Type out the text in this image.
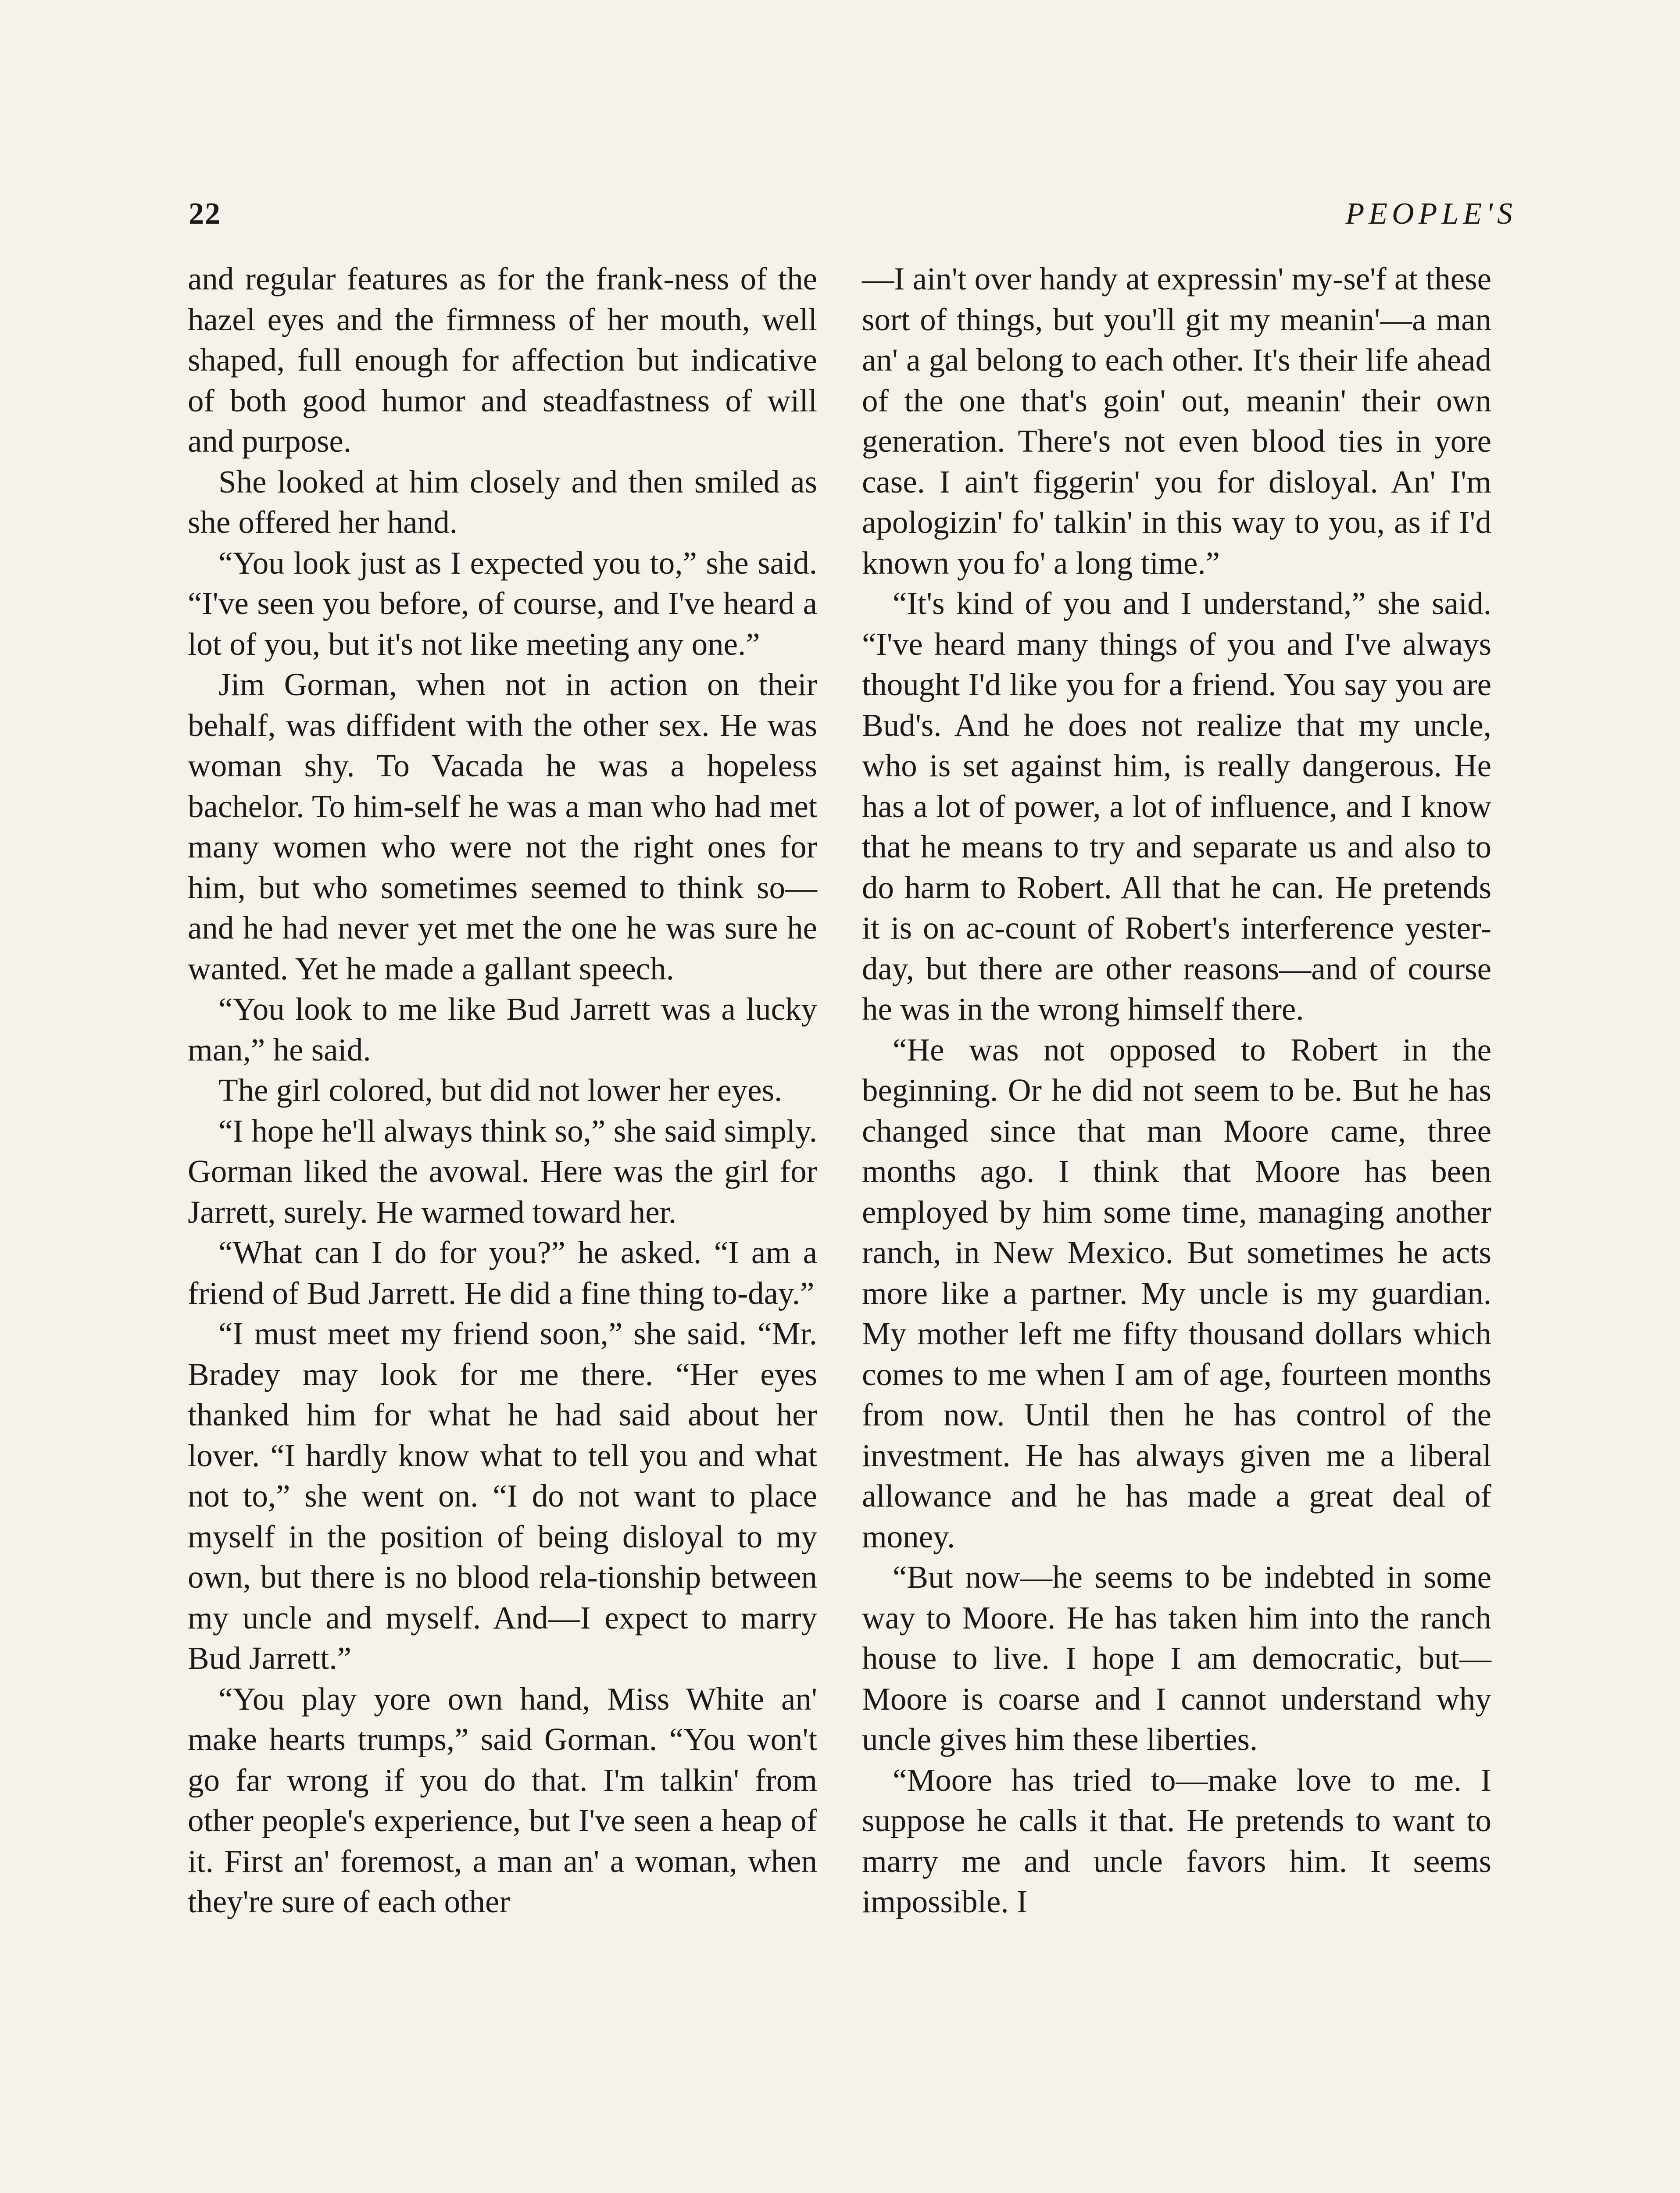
22	PEOPLE'S

and regular features as for the frank-ness of the hazel eyes and the firmness of her mouth, well shaped, full enough for affection but indicative of both good humor and steadfastness of will and purpose.

She looked at him closely and then smiled as she offered her hand.

“You look just as I expected you to,” she said. “I've seen you before, of course, and I've heard a lot of you, but it's not like meeting any one.”

Jim Gorman, when not in action on their behalf, was diffident with the other sex. He was woman shy. To Vacada he was a hopeless bachelor. To him-self he was a man who had met many women who were not the right ones for him, but who sometimes seemed to think so—and he had never yet met the one he was sure he wanted. Yet he made a gallant speech.

“You look to me like Bud Jarrett was a lucky man,” he said.

The girl colored, but did not lower her eyes.

“I hope he'll always think so,” she said simply. Gorman liked the avowal. Here was the girl for Jarrett, surely. He warmed toward her.

“What can I do for you?” he asked. “I am a friend of Bud Jarrett. He did a fine thing to-day.”

“I must meet my friend soon,” she said. “Mr. Bradey may look for me there. “Her eyes thanked him for what he had said about her lover. “I hardly know what to tell you and what not to,” she went on. “I do not want to place myself in the position of being disloyal to my own, but there is no blood rela-tionship between my uncle and myself. And—I expect to marry Bud Jarrett.”

“You play yore own hand, Miss White an' make hearts trumps,” said Gorman. “You won't go far wrong if you do that. I'm talkin' from other people's experience, but I've seen a heap of it. First an' foremost, a man an' a woman, when they're sure of each other

—I ain't over handy at expressin' my-se'f at these sort of things, but you'll git my meanin'—a man an' a gal belong to each other. It's their life ahead of the one that's goin' out, meanin' their own generation. There's not even blood ties in yore case. I ain't figgerin' you for disloyal. An' I'm apologizin' fo' talkin' in this way to you, as if I'd known you fo' a long time.”

“It's kind of you and I understand,” she said. “I've heard many things of you and I've always thought I'd like you for a friend. You say you are Bud's. And he does not realize that my uncle, who is set against him, is really dangerous. He has a lot of power, a lot of influence, and I know that he means to try and separate us and also to do harm to Robert. All that he can. He pretends it is on ac-count of Robert's interference yester-day, but there are other reasons—and of course he was in the wrong himself there.

“He was not opposed to Robert in the beginning. Or he did not seem to be. But he has changed since that man Moore came, three months ago. I think that Moore has been employed by him some time, managing another ranch, in New Mexico. But sometimes he acts more like a partner. My uncle is my guardian. My mother left me fifty thousand dollars which comes to me when I am of age, fourteen months from now. Until then he has control of the investment. He has always given me a liberal allowance and he has made a great deal of money.

“But now—he seems to be indebted in some way to Moore. He has taken him into the ranch house to live. I hope I am democratic, but—Moore is coarse and I cannot understand why uncle gives him these liberties.

“Moore has tried to—make love to me. I suppose he calls it that. He pretends to want to marry me and uncle favors him. It seems impossible. I
